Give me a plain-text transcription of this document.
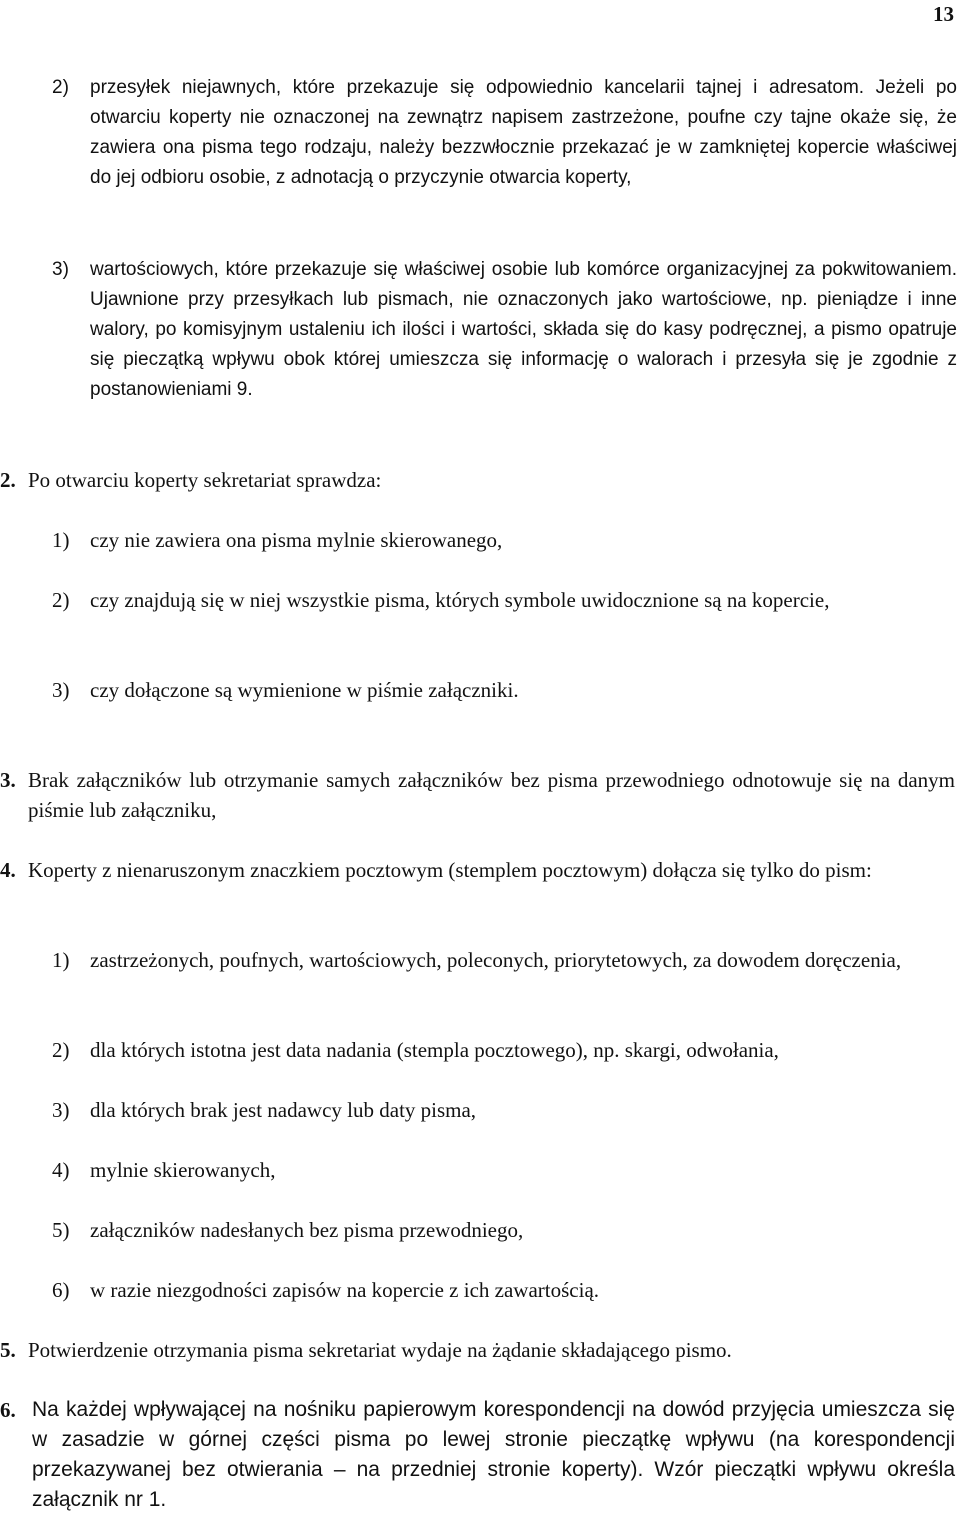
13
2) przesyłek niejawnych, które przekazuje się odpowiednio kancelarii tajnej i adresatom. Jeżeli po otwarciu koperty nie oznaczonej na zewnątrz napisem zastrzeżone, poufne czy tajne okaże się, że zawiera ona pisma tego rodzaju, należy bezzwłocznie przekazać je w zamkniętej kopercie właściwej do jej odbioru osobie, z adnotacją o przyczynie otwarcia koperty,
3) wartościowych, które przekazuje się właściwej osobie lub komórce organizacyjnej za pokwitowaniem. Ujawnione przy przesyłkach lub pismach, nie oznaczonych jako wartościowe, np. pieniądze i inne walory, po komisyjnym ustaleniu ich ilości i wartości, składa się do kasy podręcznej, a pismo opatruje się pieczątką wpływu obok której umieszcza się informację o walorach i przesyła się je zgodnie z postanowieniami 9.
2. Po otwarciu koperty sekretariat sprawdza:
1) czy nie zawiera ona pisma mylnie skierowanego,
2) czy znajdują się w niej wszystkie pisma, których symbole uwidocznione są na kopercie,
3) czy dołączone są wymienione w piśmie załączniki.
3. Brak załączników lub otrzymanie samych załączników bez pisma przewodniego odnotowuje się na danym piśmie lub załączniku,
4. Koperty z nienaruszonym znaczkiem pocztowym (stemplem pocztowym) dołącza się tylko do pism:
1) zastrzeżonych, poufnych, wartościowych, poleconych, priorytetowych, za dowodem doręczenia,
2) dla których istotna jest data nadania (stempla pocztowego), np. skargi, odwołania,
3) dla których brak jest nadawcy lub daty pisma,
4) mylnie skierowanych,
5) załączników nadesłanych bez pisma przewodniego,
6) w razie niezgodności zapisów na kopercie z ich zawartością.
5. Potwierdzenie otrzymania pisma sekretariat wydaje na żądanie składającego pismo.
6. Na każdej wpływającej na nośniku papierowym korespondencji na dowód przyjęcia umieszcza się w zasadzie w górnej części pisma po lewej stronie pieczątkę wpływu (na korespondencji przekazywanej bez otwierania – na przedniej stronie koperty). Wzór pieczątki wpływu określa załącznik nr 1.
